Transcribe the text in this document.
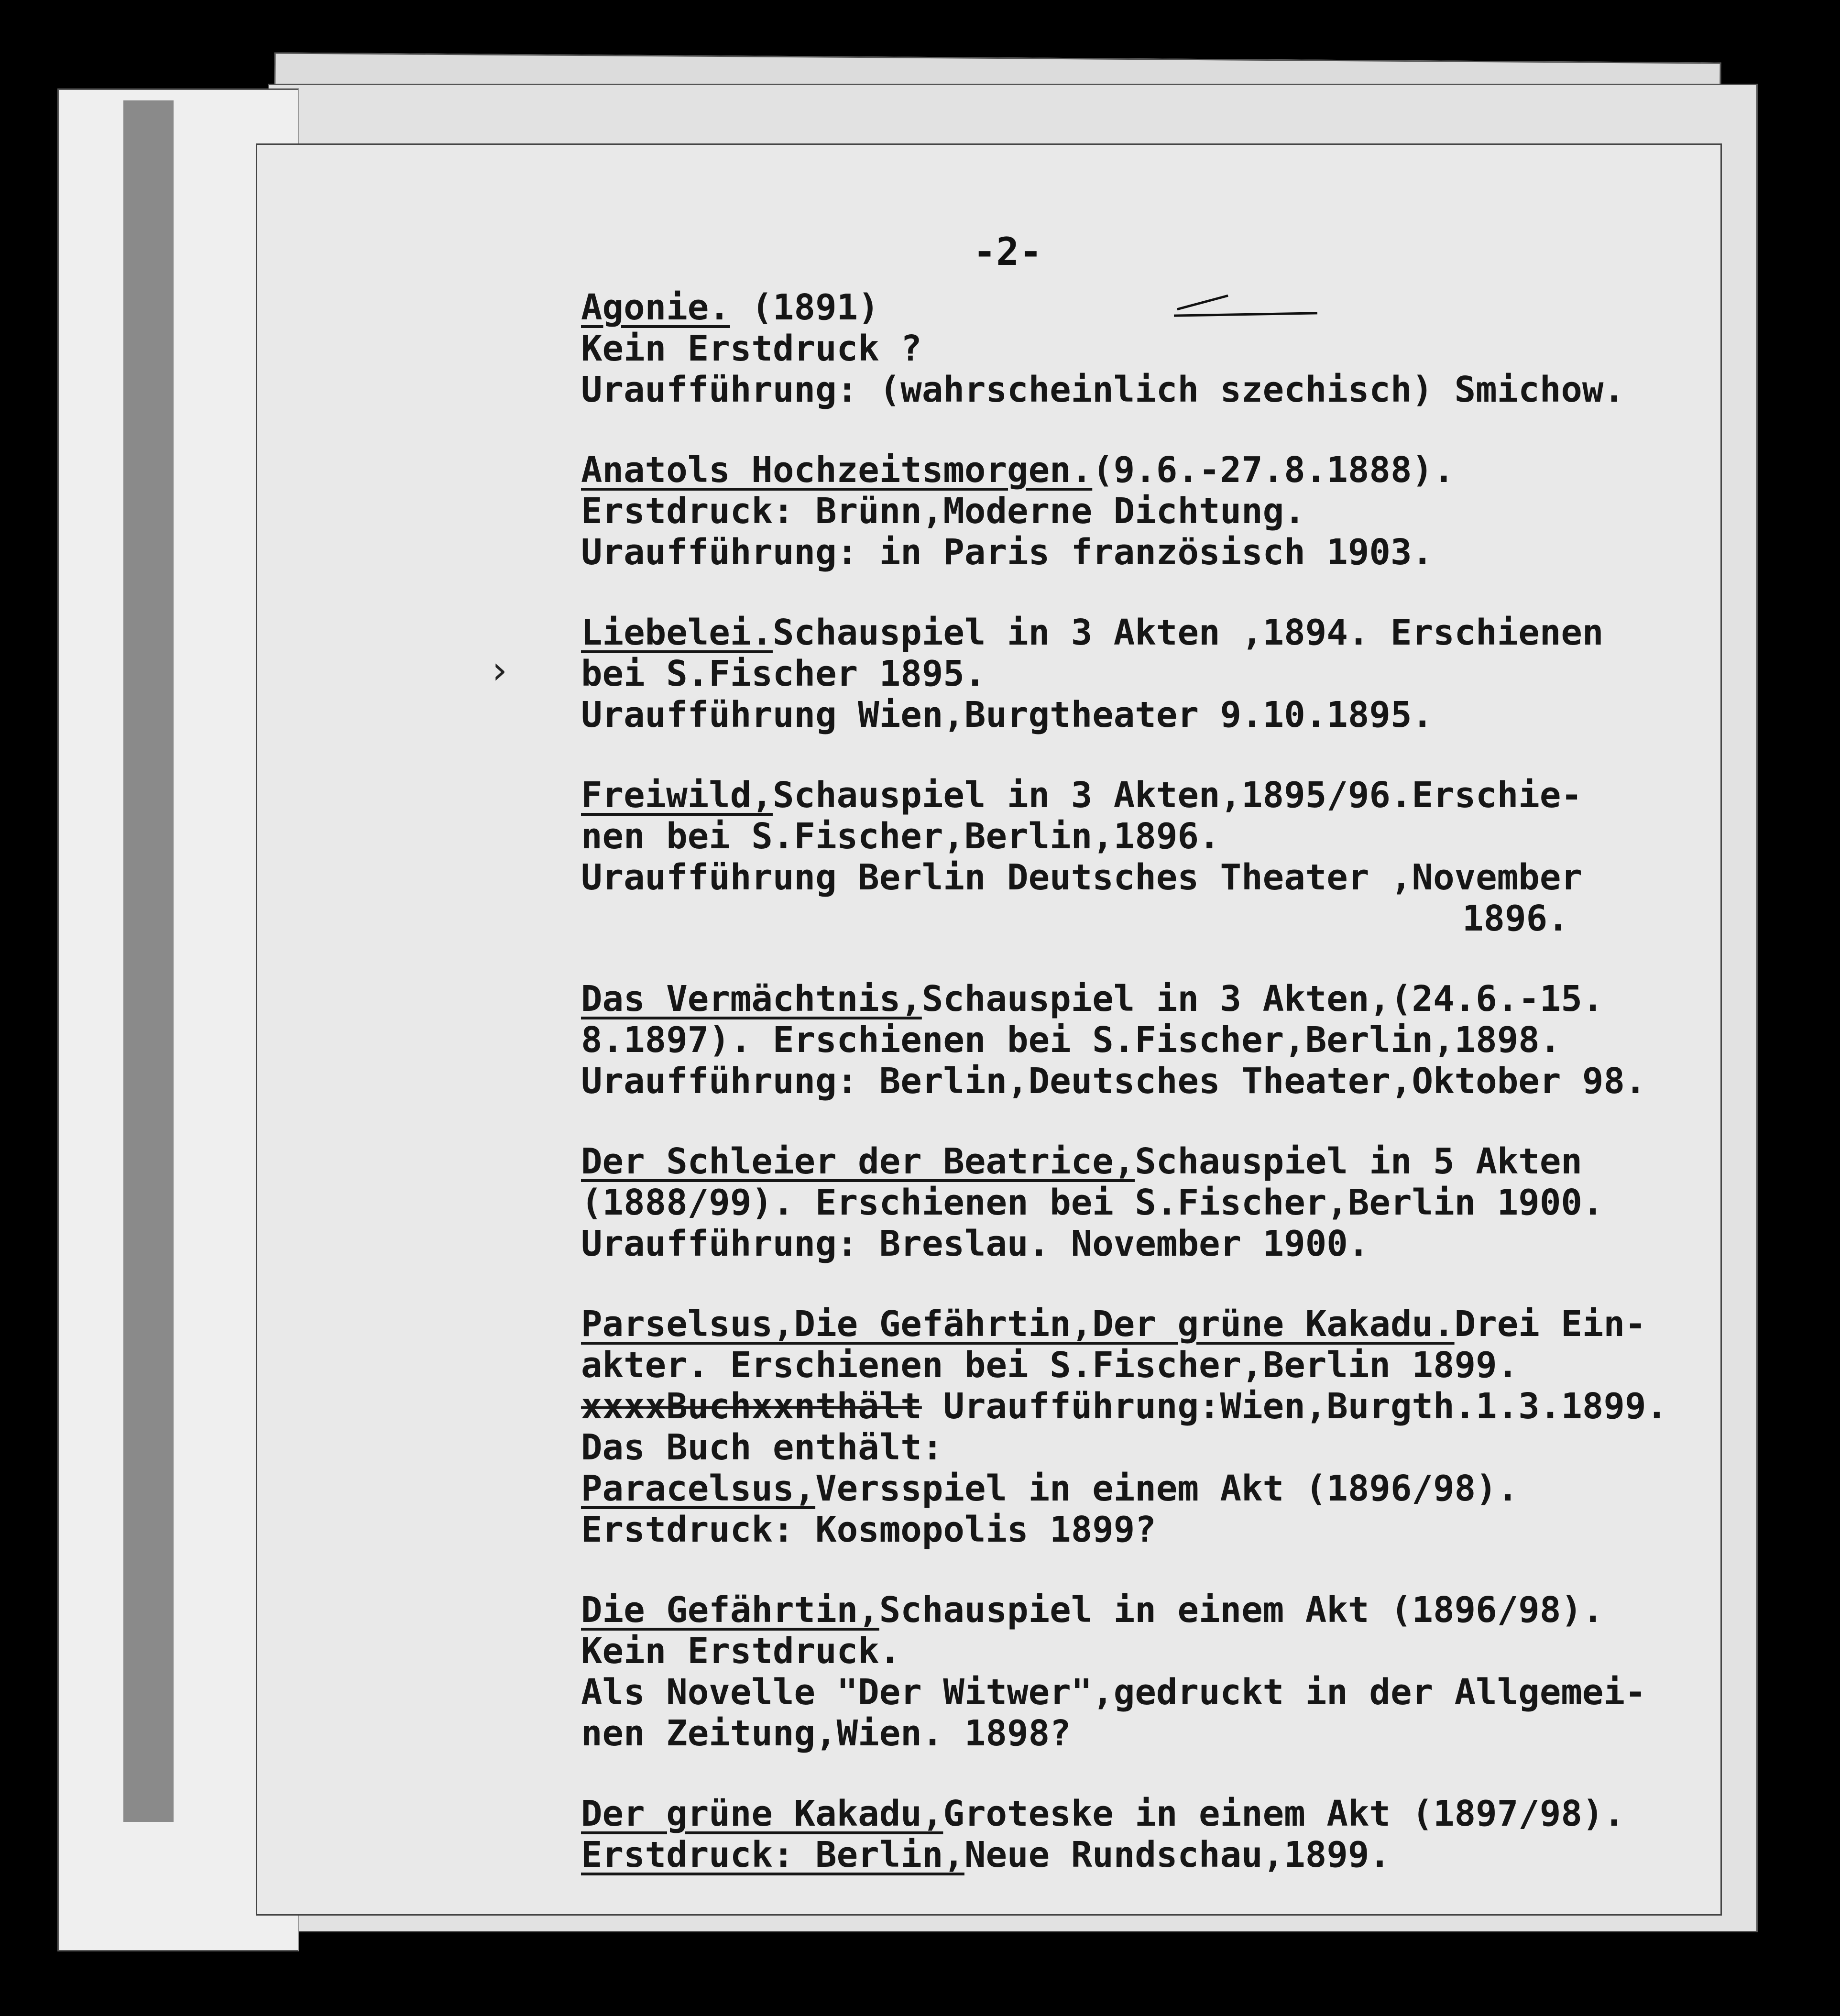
-2-
›
Agonie. (1891)
Kein Erstdruck ?
Uraufführung: (wahrscheinlich szechisch) Smichow.
Anatols Hochzeitsmorgen.(9.6.-27.8.1888).
Erstdruck: Brünn,Moderne Dichtung.
Uraufführung: in Paris französisch 1903.
Liebelei.Schauspiel in 3 Akten ,1894. Erschienen
bei S.Fischer 1895.
Uraufführung Wien,Burgtheater 9.10.1895.
Freiwild,Schauspiel in 3 Akten,1895/96.Erschie-
nen bei S.Fischer,Berlin,1896.
Uraufführung Berlin Deutsches Theater ,November
1896.
Das Vermächtnis,Schauspiel in 3 Akten,(24.6.-15.
8.1897). Erschienen bei S.Fischer,Berlin,1898.
Uraufführung: Berlin,Deutsches Theater,Oktober 98.
Der Schleier der Beatrice,Schauspiel in 5 Akten
(1888/99). Erschienen bei S.Fischer,Berlin 1900.
Uraufführung: Breslau. November 1900.
Parselsus,Die Gefährtin,Der grüne Kakadu.Drei Ein-
akter. Erschienen bei S.Fischer,Berlin 1899.
xxxxBuchxxnthält Uraufführung:Wien,Burgth.1.3.1899.
Das Buch enthält:
Paracelsus,Versspiel in einem Akt (1896/98).
Erstdruck: Kosmopolis 1899?
Die Gefährtin,Schauspiel in einem Akt (1896/98).
Kein Erstdruck.
Als Novelle "Der Witwer",gedruckt in der Allgemei-
nen Zeitung,Wien. 1898?
Der grüne Kakadu,Groteske in einem Akt (1897/98).
Erstdruck: Berlin,Neue Rundschau,1899.
